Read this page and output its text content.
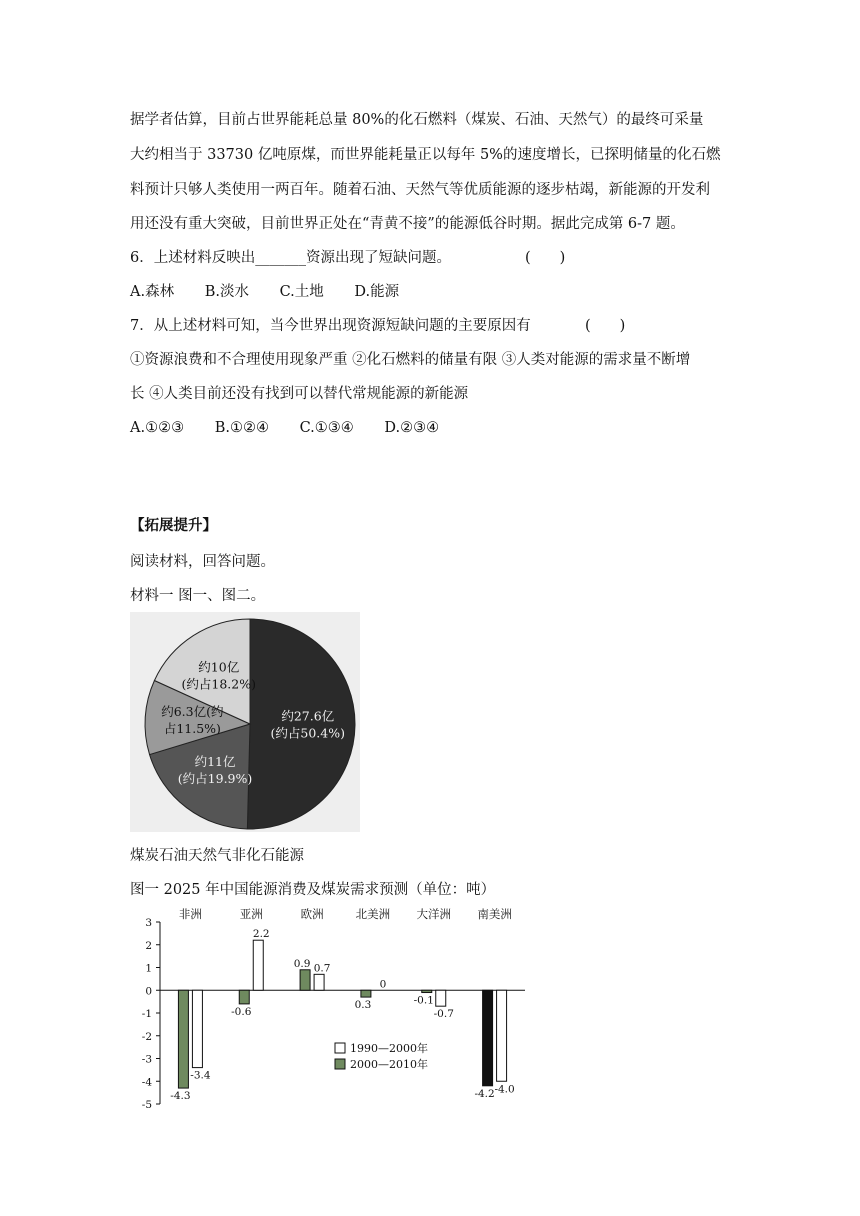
据学者估算，目前占世界能耗总量 80%的化石燃料（煤炭、石油、天然气）的最终可采量
大约相当于 33730 亿吨原煤，而世界能耗量正以每年 5%的速度增长，已探明储量的化石燃
料预计只够人类使用一两百年。随着石油、天然气等优质能源的逐步枯竭，新能源的开发利
用还没有重大突破，目前世界正处在“青黄不接”的能源低谷时期。据此完成第 6-7 题。
6．上述材料反映出_______资源出现了短缺问题。	(　　)
A.森林 B.淡水 C.土地 D.能源
7．从上述材料可知，当今世界出现资源短缺问题的主要原因有	(　　)
①资源浪费和不合理使用现象严重 ②化石燃料的储量有限 ③人类对能源的需求量不断增
长 ④人类目前还没有找到可以替代常规能源的新能源
A.①②③ B.①②④ C.①③④ D.②③④
【拓展提升】
阅读材料，回答问题。
材料一 图一、图二。
约27.6亿
(约占50.4%)
约11亿
(约占19.9%)
约6.3亿(约
占11.5%)
约10亿
(约占18.2%)
煤炭石油天然气非化石能源
图一 2025 年中国能源消费及煤炭需求预测（单位：吨）
3
2
1
0
-1
-2
-3
-4
-5
非洲	亚洲	欧洲	北美洲 大洋洲 南美洲
-4.3
-3.4
-0.6
2.2
0.9 0.7
0.3
0
-0.1
-0.7
-4.2 -4.0
1990—2000年
2000—2010年
